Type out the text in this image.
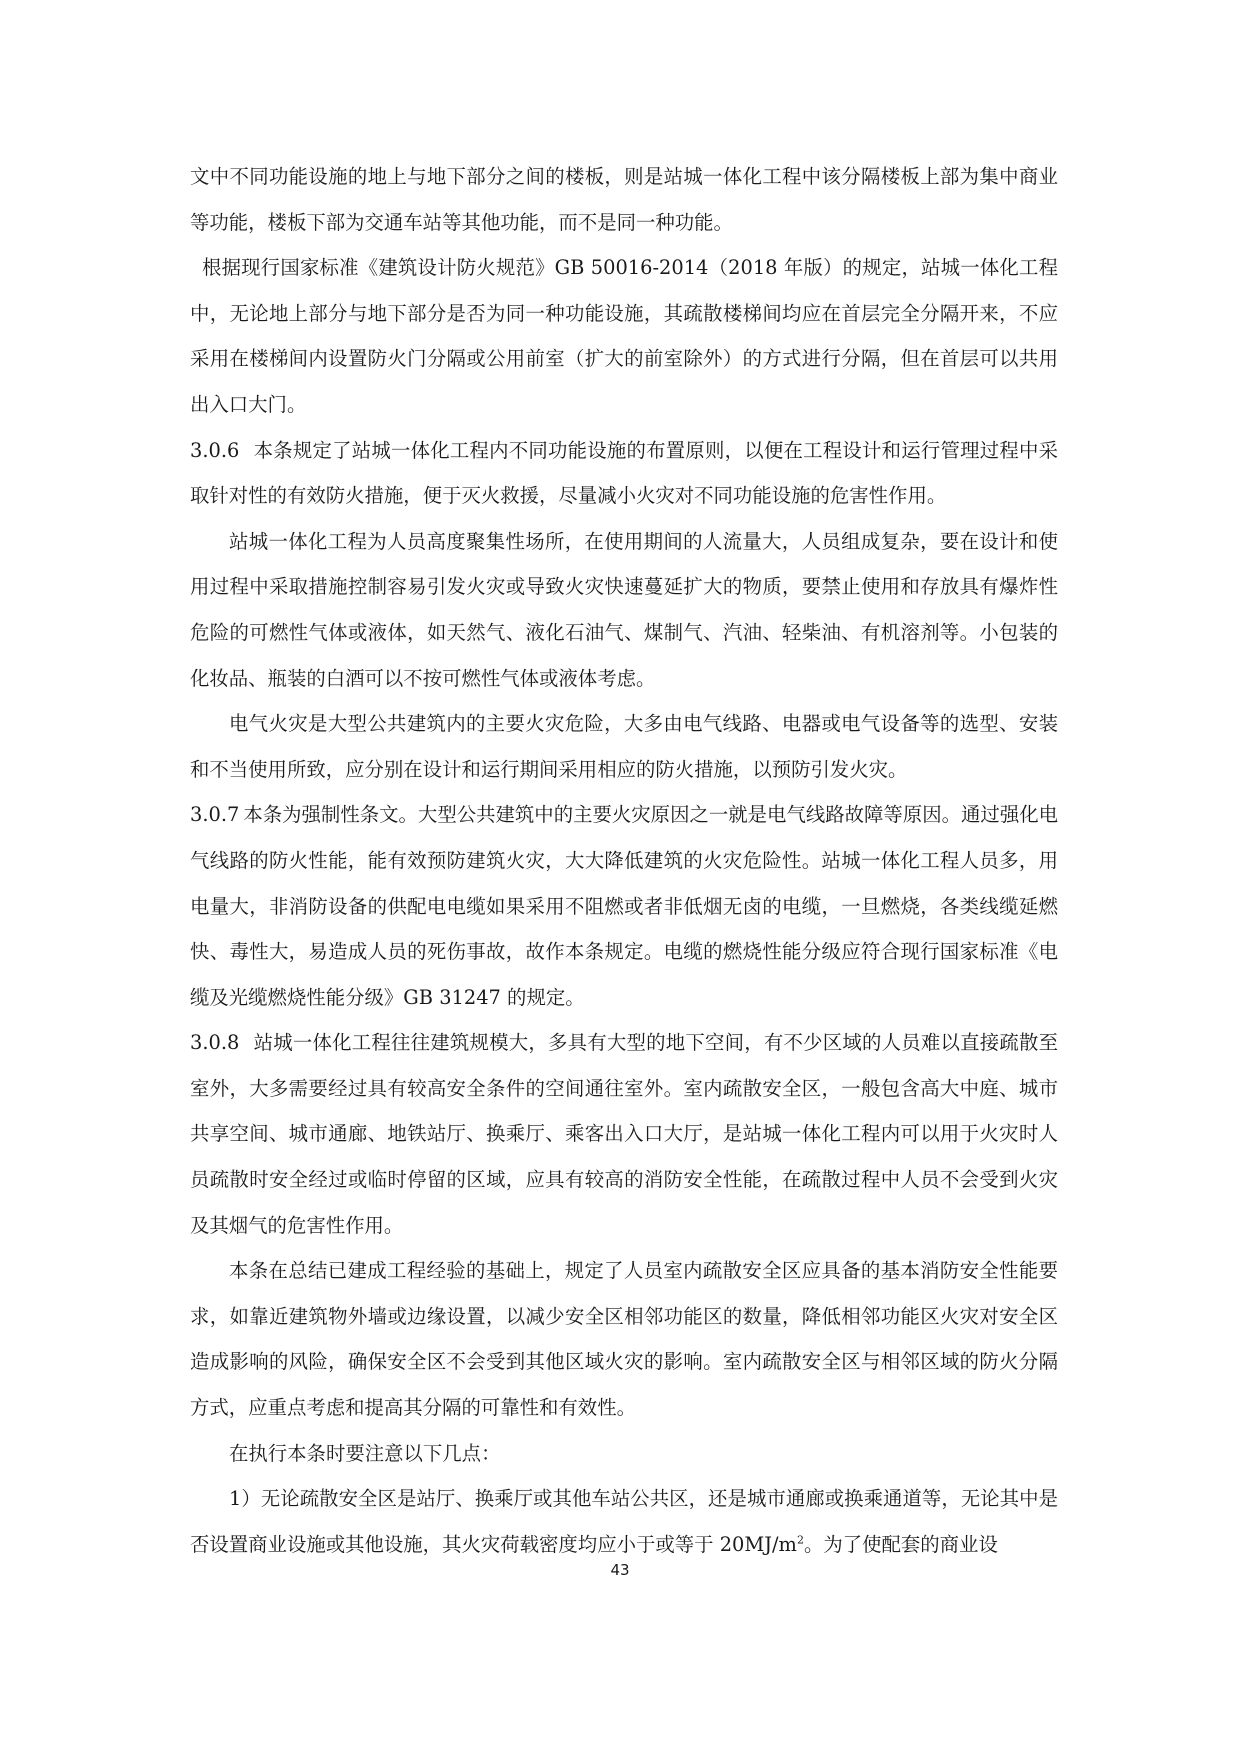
文中不同功能设施的地上与地下部分之间的楼板，则是站城一体化工程中该分隔楼板上部为集中商业等功能，楼板下部为交通车站等其他功能，而不是同一种功能。

根据现行国家标准《建筑设计防火规范》GB 50016-2014（2018 年版）的规定，站城一体化工程中，无论地上部分与地下部分是否为同一种功能设施，其疏散楼梯间均应在首层完全分隔开来，不应采用在楼梯间内设置防火门分隔或公用前室（扩大的前室除外）的方式进行分隔，但在首层可以共用出入口大门。

3.0.6 本条规定了站城一体化工程内不同功能设施的布置原则，以便在工程设计和运行管理过程中采取针对性的有效防火措施，便于灭火救援，尽量减小火灾对不同功能设施的危害性作用。

站城一体化工程为人员高度聚集性场所，在使用期间的人流量大，人员组成复杂，要在设计和使用过程中采取措施控制容易引发火灾或导致火灾快速蔓延扩大的物质，要禁止使用和存放具有爆炸性危险的可燃性气体或液体，如天然气、液化石油气、煤制气、汽油、轻柴油、有机溶剂等。小包装的化妆品、瓶装的白酒可以不按可燃性气体或液体考虑。

电气火灾是大型公共建筑内的主要火灾危险，大多由电气线路、电器或电气设备等的选型、安装和不当使用所致，应分别在设计和运行期间采用相应的防火措施，以预防引发火灾。

3.0.7 本条为强制性条文。大型公共建筑中的主要火灾原因之一就是电气线路故障等原因。通过强化电气线路的防火性能，能有效预防建筑火灾，大大降低建筑的火灾危险性。站城一体化工程人员多，用电量大，非消防设备的供配电电缆如果采用不阻燃或者非低烟无卤的电缆，一旦燃烧，各类线缆延燃快、毒性大，易造成人员的死伤事故，故作本条规定。电缆的燃烧性能分级应符合现行国家标准《电缆及光缆燃烧性能分级》GB 31247 的规定。

3.0.8 站城一体化工程往往建筑规模大，多具有大型的地下空间，有不少区域的人员难以直接疏散至室外，大多需要经过具有较高安全条件的空间通往室外。室内疏散安全区，一般包含高大中庭、城市共享空间、城市通廊、地铁站厅、换乘厅、乘客出入口大厅，是站城一体化工程内可以用于火灾时人员疏散时安全经过或临时停留的区域，应具有较高的消防安全性能，在疏散过程中人员不会受到火灾及其烟气的危害性作用。

本条在总结已建成工程经验的基础上，规定了人员室内疏散安全区应具备的基本消防安全性能要求，如靠近建筑物外墙或边缘设置，以减少安全区相邻功能区的数量，降低相邻功能区火灾对安全区造成影响的风险，确保安全区不会受到其他区域火灾的影响。室内疏散安全区与相邻区域的防火分隔方式，应重点考虑和提高其分隔的可靠性和有效性。

在执行本条时要注意以下几点：

1）无论疏散安全区是站厅、换乘厅或其他车站公共区，还是城市通廊或换乘通道等，无论其中是否设置商业设施或其他设施，其火灾荷载密度均应小于或等于 $20MJ/m^2$。为了使配套的商业设

43
